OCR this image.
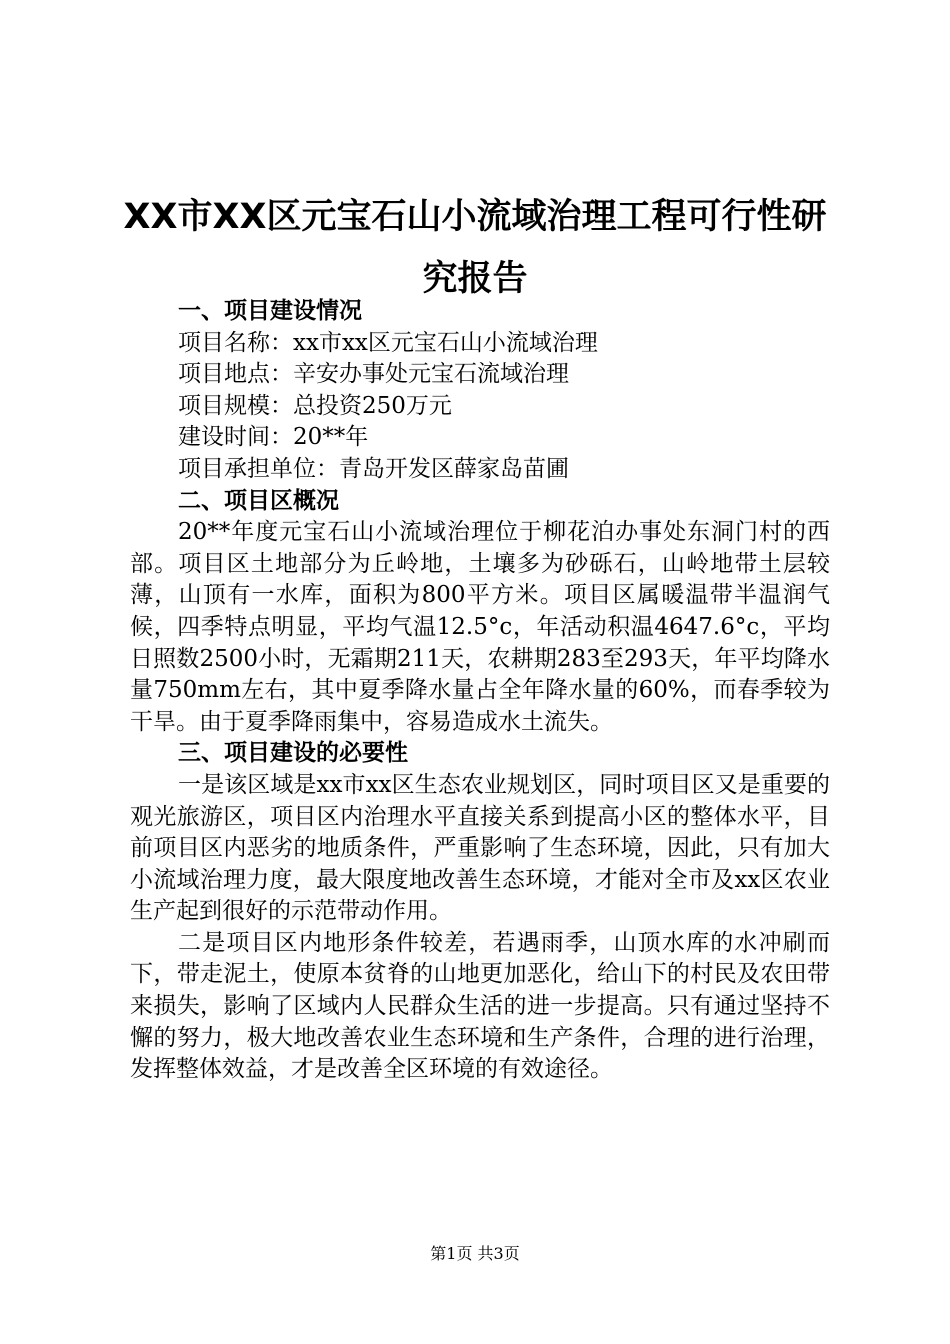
XX市XX区元宝石山小流域治理工程可行性研究报告

一、项目建设情况

项目名称：xx市xx区元宝石山小流域治理

项目地点：辛安办事处元宝石流域治理

项目规模：总投资250万元

建设时间：20**年

项目承担单位：青岛开发区薛家岛苗圃

二、项目区概况

20**年度元宝石山小流域治理位于柳花泊办事处东洞门村的西部。项目区土地部分为丘岭地，土壤多为砂砾石，山岭地带土层较薄，山顶有一水库，面积为800平方米。项目区属暖温带半温润气候，四季特点明显，平均气温12.5°c，年活动积温4647.6°c，平均日照数2500小时，无霜期211天，农耕期283至293天，年平均降水量750mm左右，其中夏季降水量占全年降水量的60%，而春季较为干旱。由于夏季降雨集中，容易造成水土流失。

三、项目建设的必要性

一是该区域是xx市xx区生态农业规划区，同时项目区又是重要的观光旅游区，项目区内治理水平直接关系到提高小区的整体水平，目前项目区内恶劣的地质条件，严重影响了生态环境，因此，只有加大小流域治理力度，最大限度地改善生态环境，才能对全市及xx区农业生产起到很好的示范带动作用。

二是项目区内地形条件较差，若遇雨季，山顶水库的水冲刷而下，带走泥土，使原本贫脊的山地更加恶化，给山下的村民及农田带来损失，影响了区域内人民群众生活的进一步提高。只有通过坚持不懈的努力，极大地改善农业生态环境和生产条件，合理的进行治理，发挥整体效益，才是改善全区环境的有效途径。

第1页 共3页
